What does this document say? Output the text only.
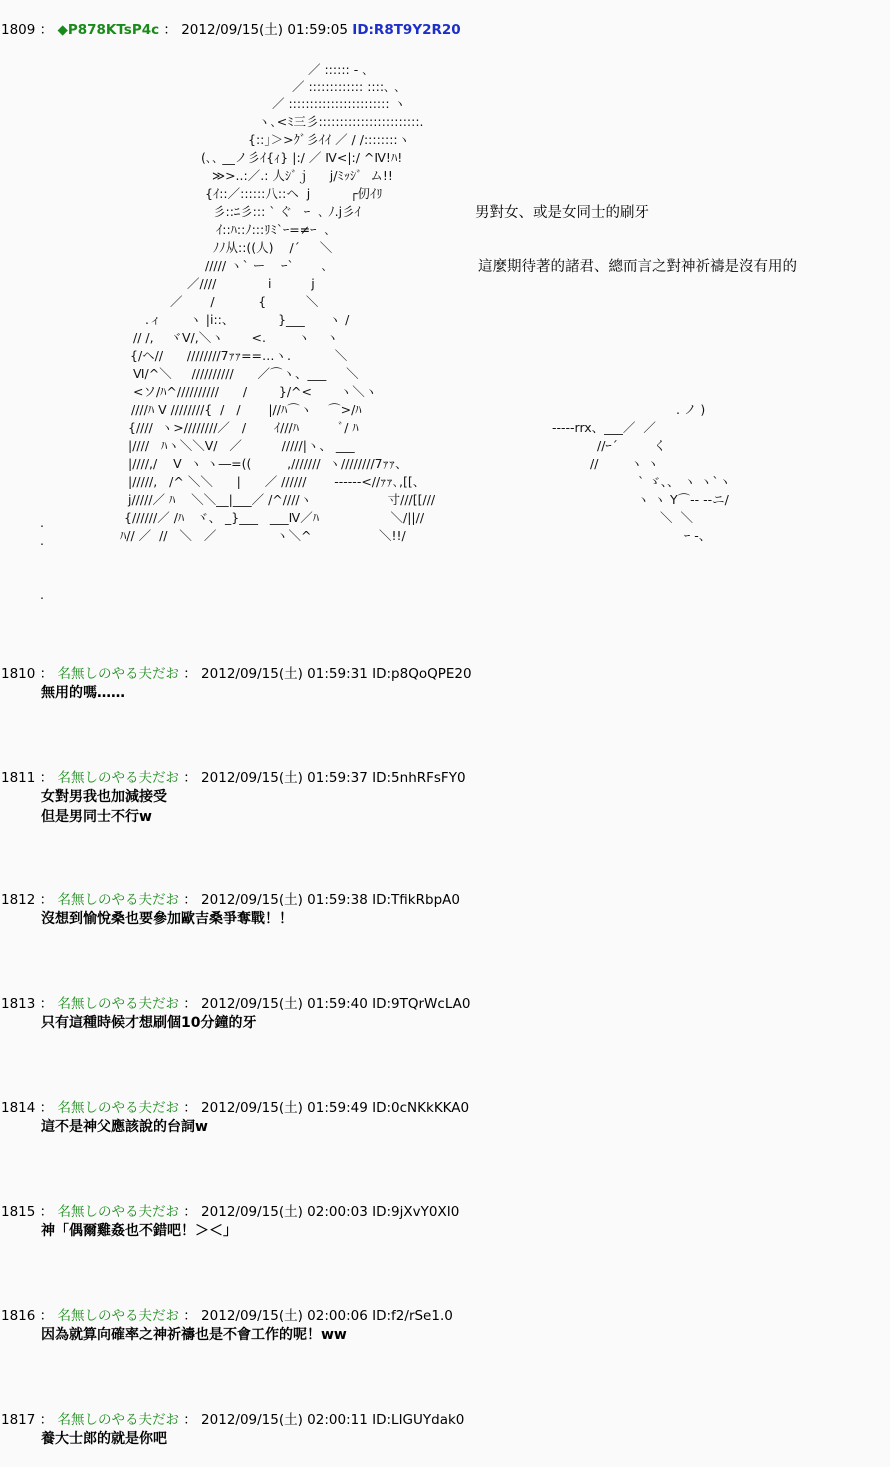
1809 ： ◆P878KTsP4c ： 2012/09/15(土) 01:59:05 ID:R8T9Y2R20
／ :::::: ‐ ､
／ ::::::::::::: ::::､ ､
／ :::::::::::::::::::::::: ヽ
ヽ､<ﾐ三彡::::::::::::::::::::::::.
{::｣＞>ｸﾞ彡ｲｲ ／ / /::::::::ヽ
(､､ __ノ彡ｲ{ｨ} |:/ ／ Ⅳ<|:/ ^Ⅳ!ﾊ!
≫>..:／.: 人ｼﾞｊ     j/ﾐｯｼﾞ  ム!!
{ｲ::／::::::八::ヘ  j          ┌仞ｲﾘ
彡::ﾆ彡::: ` ぐ   ｰ  ､ ﾉ.j彡ｲ
ｲ::ﾊ::ﾉ:::ﾘﾐ`ｰ=≠ｰ  ､
ﾉﾉ从::((人)    /´     ＼
///// ヽ` ー    ｰ`       ､
／////             i          j
／       /           {          ＼
.ィ       ヽ |i::、           }___      ヽ /
// /,    ヾV/,＼ヽ       <.        ヽ    ヽ
{/ヘ//      ////////7ｧｧ==…ヽ.           ＼
Ⅵ/^＼     //////////      ／⌒ヽ、___     ＼
<ソ/ﾊ^//////////      /        }/^<       ヽ＼ヽ
////ﾊ V ////////{  /   /       |//ﾊ⌒ヽ    ⌒>/ﾊ
{////  ヽ>////////／   /       ｲ///ﾊ          ﾞ/ ﾊ
|////   ﾊヽ＼＼V/   ／          /////|ヽ、 ___
|////,/    V  ヽ ヽ―=((         ,///////  ヽ////////7ｧｧ、
|/////,   /^ ＼＼      |      ／ //////       ‐‐‐‐‐‐<//ｧｧ､,[[、
j/////／ ﾊ    ＼＼__|___／ /^////ヽ                   寸///[[///
{//////／ /ﾊ   ヾ、 _}___   ___Ⅳ／ﾊ                  ＼/||//
ﾊ// ／  //   ＼   ／               ヽ＼^                 ＼!!/
. ノ )
-----rrx、___／  ／
//ｰ´         く
//        ヽ ヽ
` ゞ、、 ヽ ヽ`ヽ
ヽ ヽ Y⌒‐‐ ‐‐ニ/
＼  ＼
ｰ ‐、
.
.
.
男對女、或是女同士的刷牙
這麼期待著的諸君、總而言之對神祈禱是沒有用的
1810 ： 名無しのやる夫だお ： 2012/09/15(土) 01:59:31 ID:p8QoQPE20
無用的嗎……
1811 ： 名無しのやる夫だお ： 2012/09/15(土) 01:59:37 ID:5nhRFsFY0
女對男我也加減接受
但是男同士不行w
1812 ： 名無しのやる夫だお ： 2012/09/15(土) 01:59:38 ID:TfikRbpA0
沒想到愉悅桑也要參加歐吉桑爭奪戰！！
1813 ： 名無しのやる夫だお ： 2012/09/15(土) 01:59:40 ID:9TQrWcLA0
只有這種時候才想刷個10分鐘的牙
1814 ： 名無しのやる夫だお ： 2012/09/15(土) 01:59:49 ID:0cNKkKKA0
這不是神父應該說的台詞w
1815 ： 名無しのやる夫だお ： 2012/09/15(土) 02:00:03 ID:9jXvY0XI0
神「偶爾雞姦也不錯吧！＞＜」
1816 ： 名無しのやる夫だお ： 2012/09/15(土) 02:00:06 ID:f2/rSe1.0
因為就算向確率之神祈禱也是不會工作的呢！ww
1817 ： 名無しのやる夫だお ： 2012/09/15(土) 02:00:11 ID:LIGUYdak0
養大士郎的就是你吧
